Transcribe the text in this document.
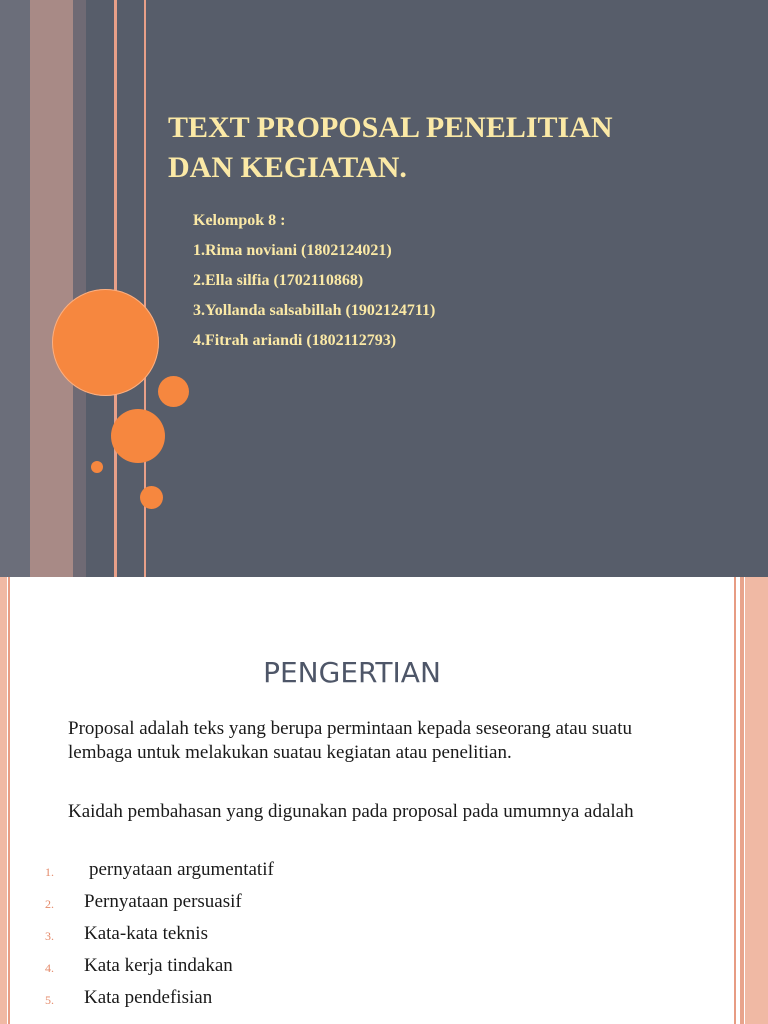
TEXT PROPOSAL PENELITIAN
DAN KEGIATAN.
Kelompok 8 :
1.Rima noviani (1802124021)
2.Ella silfia (1702110868)
3.Yollanda salsabillah (1902124711)
4.Fitrah ariandi (1802112793)
PENGERTIAN

Proposal adalah teks yang berupa permintaan kepada seseorang atau suatu lembaga untuk melakukan suatau kegiatan atau penelitian.

Kaidah pembahasan yang digunakan pada proposal pada umumnya adalah

1. pernyataan argumentatif
2. Pernyataan persuasif
3. Kata-kata teknis
4. Kata kerja tindakan
5. Kata pendefisian
